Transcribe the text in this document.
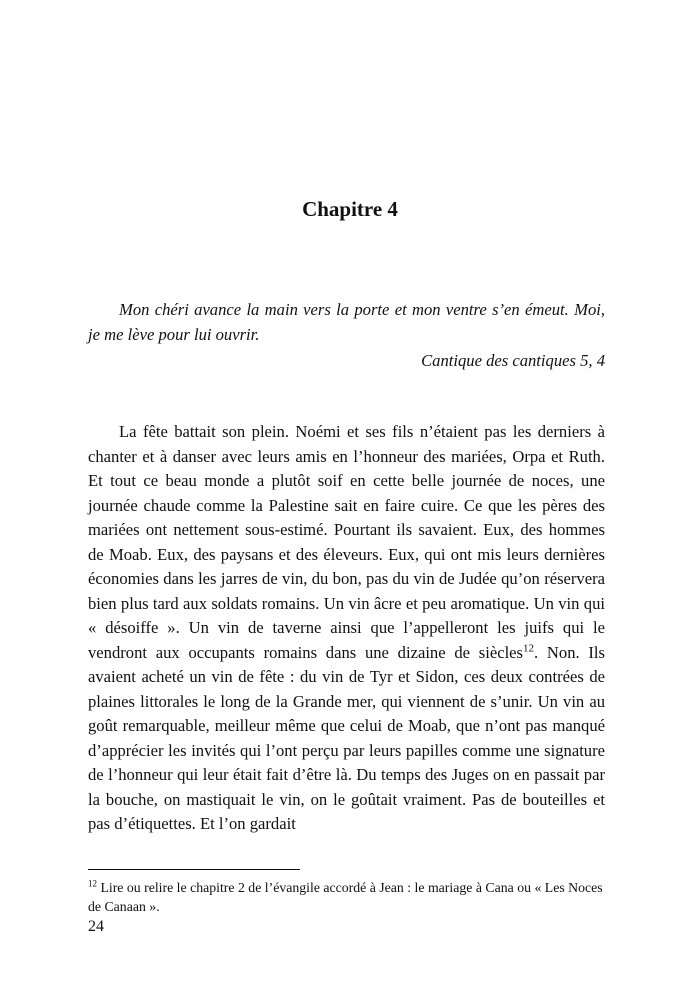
Chapitre 4

Mon chéri avance la main vers la porte et mon ventre s’en émeut. Moi, je me lève pour lui ouvrir.

Cantique des cantiques 5, 4

La fête battait son plein. Noémi et ses fils n’étaient pas les derniers à chanter et à danser avec leurs amis en l’honneur des mariées, Orpa et Ruth. Et tout ce beau monde a plutôt soif en cette belle journée de noces, une journée chaude comme la Palestine sait en faire cuire. Ce que les pères des mariées ont nettement sous-estimé. Pourtant ils savaient. Eux, des hommes de Moab. Eux, des paysans et des éleveurs. Eux, qui ont mis leurs dernières économies dans les jarres de vin, du bon, pas du vin de Judée qu’on réservera bien plus tard aux soldats romains. Un vin âcre et peu aromatique. Un vin qui « désoiffe ». Un vin de taverne ainsi que l’appelleront les juifs qui le vendront aux occupants romains dans une dizaine de siècles$^{12}$. Non. Ils avaient acheté un vin de fête : du vin de Tyr et Sidon, ces deux contrées de plaines littorales le long de la Grande mer, qui viennent de s’unir. Un vin au goût remarquable, meilleur même que celui de Moab, que n’ont pas manqué d’apprécier les invités qui l’ont perçu par leurs papilles comme une signature de l’honneur qui leur était fait d’être là. Du temps des Juges on en passait par la bouche, on mastiquait le vin, on le goûtait vraiment. Pas de bouteilles et pas d’étiquettes. Et l’on gardait

$^{12}$ Lire ou relire le chapitre 2 de l’évangile accordé à Jean : le mariage à Cana ou « Les Noces de Canaan ».

24
